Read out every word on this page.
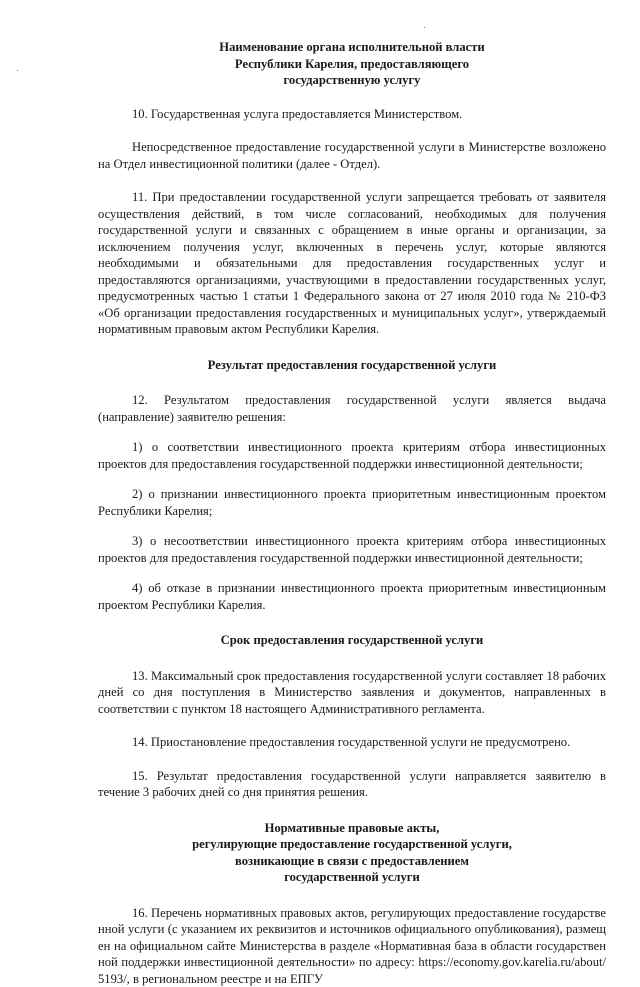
Наименование органа исполнительной власти
Республики Карелия, предоставляющего
государственную услугу

10. Государственная услуга предоставляется Министерством.

Непосредственное предоставление государственной услуги в Министерстве возложено на Отдел инвестиционной политики (далее - Отдел).

11. При предоставлении государственной услуги запрещается требовать от заявителя осуществления действий, в том числе согласований, необходимых для получения государственной услуги и связанных с обращением в иные органы и организации, за исключением получения услуг, включенных в перечень услуг, которые являются необходимыми и обязательными для предоставления государственных услуг и предоставляются организациями, участвующими в предоставлении государственных услуг, предусмотренных частью 1 статьи 1 Федерального закона от 27 июля 2010 года № 210-ФЗ «Об организации предоставления государственных и муниципальных услуг», утверждаемый нормативным правовым актом Республики Карелия.

Результат предоставления государственной услуги

12. Результатом предоставления государственной услуги является выдача (направление) заявителю решения:

1) о соответствии инвестиционного проекта критериям отбора инвестиционных проектов для предоставления государственной поддержки инвестиционной деятельности;

2) о признании инвестиционного проекта приоритетным инвестиционным проектом Республики Карелия;

3) о несоответствии инвестиционного проекта критериям отбора инвестиционных проектов для предоставления государственной поддержки инвестиционной деятельности;

4) об отказе в признании инвестиционного проекта приоритетным инвестиционным проектом Республики Карелия.

Срок предоставления государственной услуги

13. Максимальный срок предоставления государственной услуги составляет 18 рабочих дней со дня поступления в Министерство заявления и документов, направленных в соответствии с пунктом 18 настоящего Административного регламента.

14. Приостановление предоставления государственной услуги не предусмотрено.

15. Результат предоставления государственной услуги направляется заявителю в течение 3 рабочих дней со дня принятия решения.

Нормативные правовые акты,
регулирующие предоставление государственной услуги,
возникающие в связи с предоставлением
государственной услуги

16. Перечень нормативных правовых актов, регулирующих предоставление государственной услуги (с указанием их реквизитов и источников официального опубликования), размещен на официальном сайте Министерства в разделе «Нормативная база в области государственной поддержки инвестиционной деятельности» по адресу: https://economy.gov.karelia.ru/about/5193/, в региональном реестре и на ЕПГУ
